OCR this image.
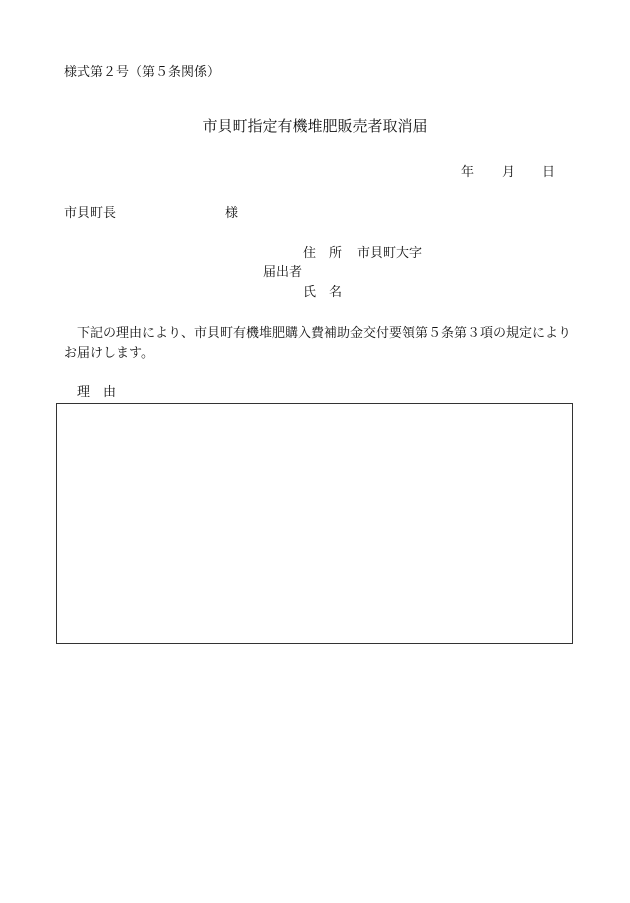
様式第２号（第５条関係）
市貝町指定有機堆肥販売者取消届
年 月 日
市貝町長	様
住所 市貝町大字
届出者
氏名
下記の理由により、市貝町有機堆肥購入費補助金交付要領第５条第３項の規定によりお届けします。
理由
